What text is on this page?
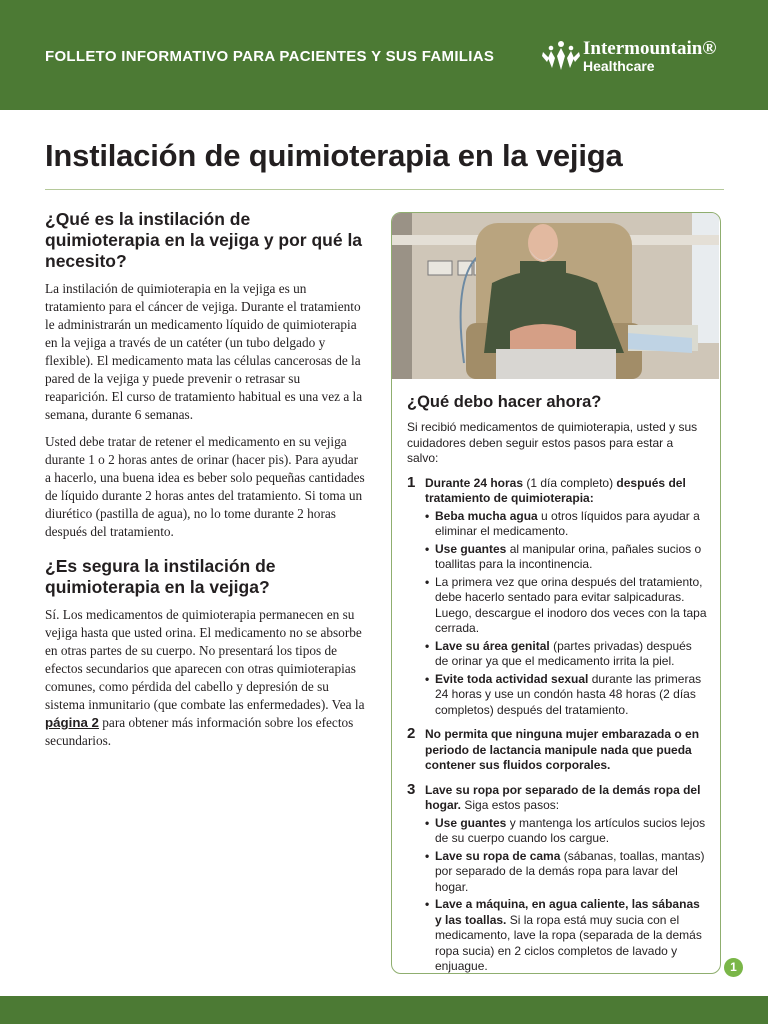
FOLLETO INFORMATIVO PARA PACIENTES Y SUS FAMILIAS	Intermountain®
Healthcare
Instilación de quimioterapia en la vejiga
¿Qué es la instilación de quimioterapia en la vejiga y por qué la necesito?
La instilación de quimioterapia en la vejiga es un tratamiento para el cáncer de vejiga. Durante el tratamiento le administrarán un medicamento líquido de quimioterapia en la vejiga a través de un catéter (un tubo delgado y flexible). El medicamento mata las células cancerosas de la pared de la vejiga y puede prevenir o retrasar su reaparición. El curso de tratamiento habitual es una vez a la semana, durante 6 semanas.
Usted debe tratar de retener el medicamento en su vejiga durante 1 o 2 horas antes de orinar (hacer pis). Para ayudar a hacerlo, una buena idea es beber solo pequeñas cantidades de líquido durante 2 horas antes del tratamiento. Si toma un diurético (pastilla de agua), no lo tome durante 2 horas después del tratamiento.
¿Es segura la instilación de quimioterapia en la vejiga?
Sí. Los medicamentos de quimioterapia permanecen en su vejiga hasta que usted orina. El medicamento no se absorbe en otras partes de su cuerpo. No presentará los tipos de efectos secundarios que aparecen con otras quimioterapias comunes, como pérdida del cabello y depresión de su sistema inmunitario (que combate las enfermedades). Vea la página 2 para obtener más información sobre los efectos secundarios.
¿Qué debo hacer ahora?
Si recibió medicamentos de quimioterapia, usted y sus cuidadores deben seguir estos pasos para estar a salvo:
1 Durante 24 horas (1 día completo) después del tratamiento de quimioterapia:
• Beba mucha agua u otros líquidos para ayudar a eliminar el medicamento.
• Use guantes al manipular orina, pañales sucios o toallitas para la incontinencia.
• La primera vez que orina después del tratamiento, debe hacerlo sentado para evitar salpicaduras. Luego, descargue el inodoro dos veces con la tapa cerrada.
• Lave su área genital (partes privadas) después de orinar ya que el medicamento irrita la piel.
• Evite toda actividad sexual durante las primeras 24 horas y use un condón hasta 48 horas (2 días completos) después del tratamiento.
2 No permita que ninguna mujer embarazada o en periodo de lactancia manipule nada que pueda contener sus fluidos corporales.
3 Lave su ropa por separado de la demás ropa del hogar. Siga estos pasos:
• Use guantes y mantenga los artículos sucios lejos de su cuerpo cuando los cargue.
• Lave su ropa de cama (sábanas, toallas, mantas) por separado de la demás ropa para lavar del hogar.
• Lave a máquina, en agua caliente, las sábanas y las toallas. Si la ropa está muy sucia con el medicamento, lave la ropa (separada de la demás ropa sucia) en 2 ciclos completos de lavado y enjuague.	1
